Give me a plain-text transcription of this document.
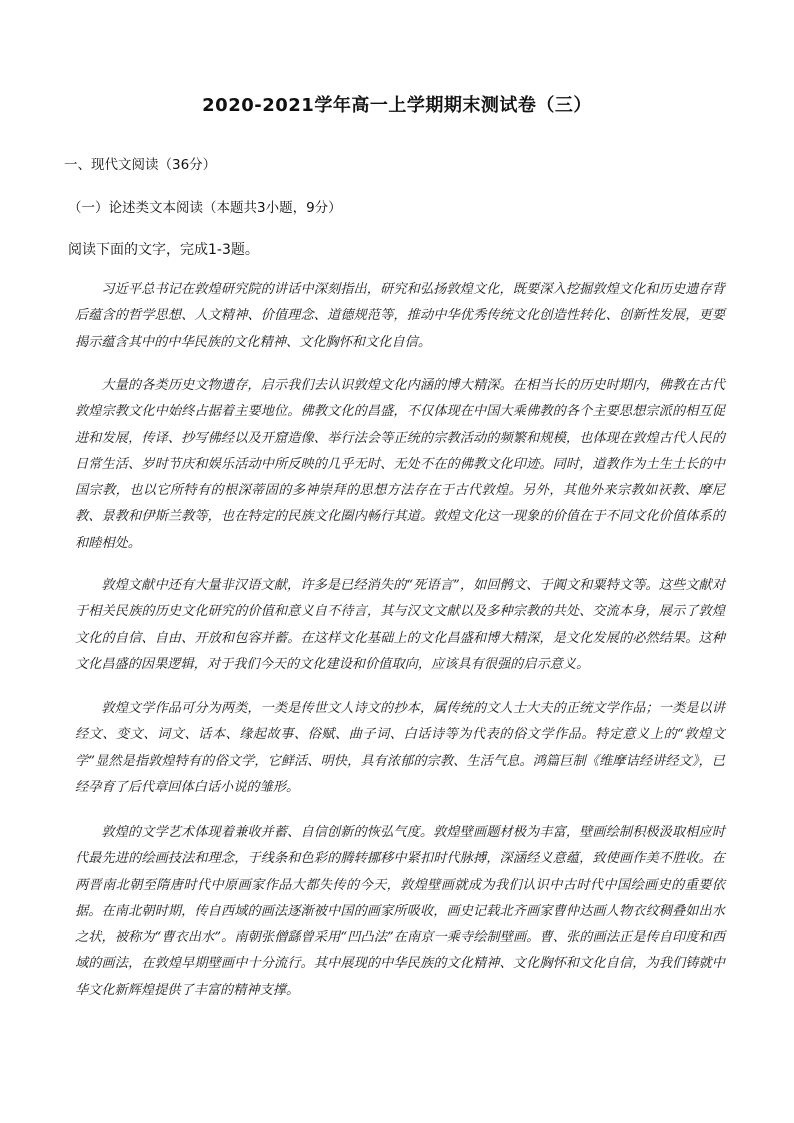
2020-2021学年高一上学期期末测试卷（三）
一、现代文阅读（36分）
（一）论述类文本阅读（本题共3小题，9分）
阅读下面的文字，完成1-3题。

习近平总书记在敦煌研究院的讲话中深刻指出，研究和弘扬敦煌文化，既要深入挖掘敦煌文化和历史遗存背后蕴含的哲学思想、人文精神、价值理念、道德规范等，推动中华优秀传统文化创造性转化、创新性发展，更要揭示蕴含其中的中华民族的文化精神、文化胸怀和文化自信。

大量的各类历史文物遗存，启示我们去认识敦煌文化内涵的博大精深。在相当长的历史时期内，佛教在古代敦煌宗教文化中始终占据着主要地位。佛教文化的昌盛，不仅体现在中国大乘佛教的各个主要思想宗派的相互促进和发展，传译、抄写佛经以及开窟造像、举行法会等正统的宗教活动的频繁和规模，也体现在敦煌古代人民的日常生活、岁时节庆和娱乐活动中所反映的几乎无时、无处不在的佛教文化印迹。同时，道教作为土生土长的中国宗教，也以它所特有的根深蒂固的多神崇拜的思想方法存在于古代敦煌。另外，其他外来宗教如祆教、摩尼教、景教和伊斯兰教等，也在特定的民族文化圈内畅行其道。敦煌文化这一现象的价值在于不同文化价值体系的和睦相处。

敦煌文献中还有大量非汉语文献，许多是已经消失的“死语言”，如回鹘文、于阗文和粟特文等。这些文献对于相关民族的历史文化研究的价值和意义自不待言，其与汉文文献以及多种宗教的共处、交流本身，展示了敦煌文化的自信、自由、开放和包容并蓄。在这样文化基础上的文化昌盛和博大精深，是文化发展的必然结果。这种文化昌盛的因果逻辑，对于我们今天的文化建设和价值取向，应该具有很强的启示意义。

敦煌文学作品可分为两类，一类是传世文人诗文的抄本，属传统的文人士大夫的正统文学作品；一类是以讲经文、变文、词文、话本、缘起故事、俗赋、曲子词、白话诗等为代表的俗文学作品。特定意义上的“敦煌文学”显然是指敦煌特有的俗文学，它鲜活、明快，具有浓郁的宗教、生活气息。鸿篇巨制《维摩诘经讲经文》，已经孕育了后代章回体白话小说的雏形。

敦煌的文学艺术体现着兼收并蓄、自信创新的恢弘气度。敦煌壁画题材极为丰富，壁画绘制积极汲取相应时代最先进的绘画技法和理念，于线条和色彩的腾转挪移中紧扣时代脉搏，深涵经义意蕴，致使画作美不胜收。在两晋南北朝至隋唐时代中原画家作品大都失传的今天，敦煌壁画就成为我们认识中古时代中国绘画史的重要依据。在南北朝时期，传自西域的画法逐渐被中国的画家所吸收，画史记载北齐画家曹仲达画人物衣纹稠叠如出水之状，被称为“曹衣出水”。南朝张僧繇曾采用“凹凸法”在南京一乘寺绘制壁画。曹、张的画法正是传自印度和西域的画法，在敦煌早期壁画中十分流行。其中展现的中华民族的文化精神、文化胸怀和文化自信，为我们铸就中华文化新辉煌提供了丰富的精神支撑。
